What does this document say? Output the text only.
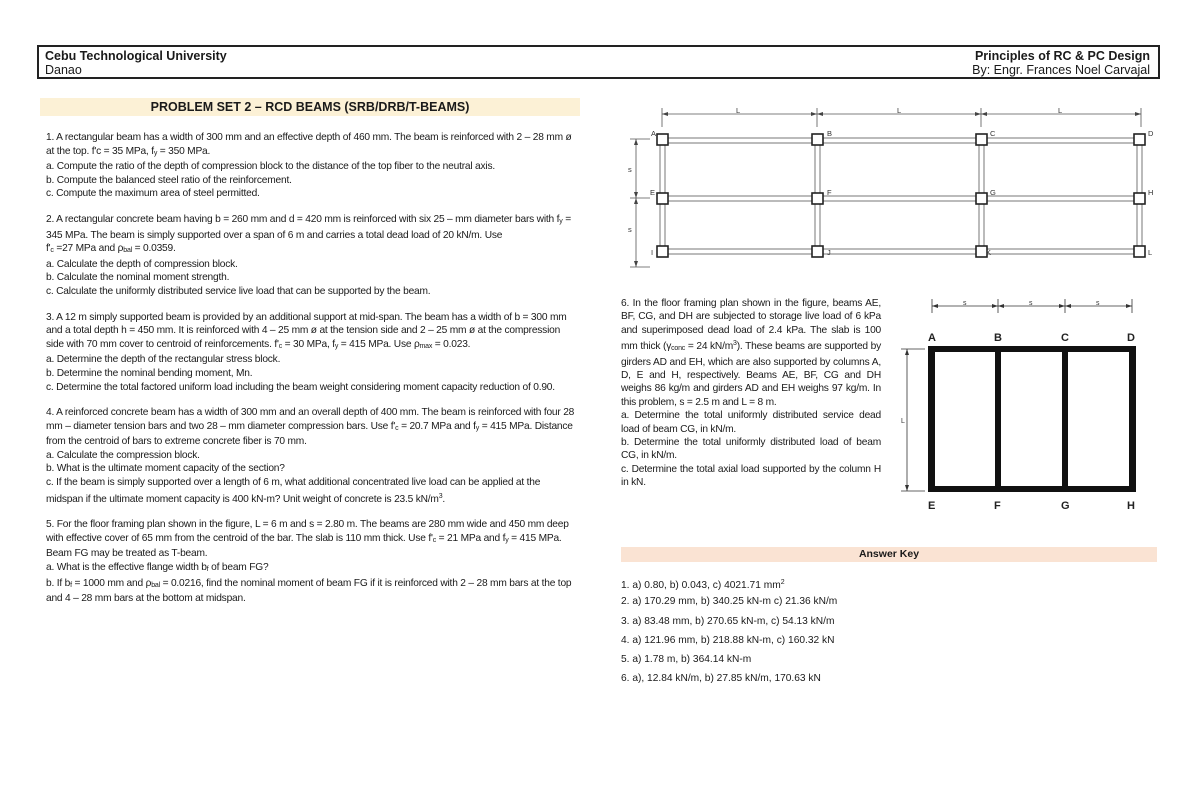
Cebu Technological University
Danao
Principles of RC & PC Design
By: Engr. Frances Noel Carvajal
PROBLEM SET 2 – RCD BEAMS (SRB/DRB/T-BEAMS)

1. A rectangular beam has a width of 300 mm and an effective depth of 460 mm. The beam is reinforced with 2 – 28 mm ø at the top. f'c = 35 MPa, fy = 350 MPa.

a. Compute the ratio of the depth of compression block to the distance of the top fiber to the neutral axis.

b. Compute the balanced steel ratio of the reinforcement.

c. Compute the maximum area of steel permitted.

2. A rectangular concrete beam having b = 260 mm and d = 420 mm is reinforced with six 25 – mm diameter bars with fy = 345 MPa. The beam is simply supported over a span of 6 m and carries a total dead load of 20 kN/m. Use

f'c =27 MPa and ρbal = 0.0359.

a. Calculate the depth of compression block.

b. Calculate the nominal moment strength.

c. Calculate the uniformly distributed service live load that can be supported by the beam.

3. A 12 m simply supported beam is provided by an additional support at mid-span. The beam has a width of b = 300 mm and a total depth h = 450 mm. It is reinforced with 4 – 25 mm ø at the tension side and 2 – 25 mm ø at the compression side with 70 mm cover to centroid of reinforcements. f'c = 30 MPa, fy = 415 MPa. Use ρmax = 0.023.

a. Determine the depth of the rectangular stress block.

b. Determine the nominal bending moment, Mn.

c. Determine the total factored uniform load including the beam weight considering moment capacity reduction of 0.90.

4. A reinforced concrete beam has a width of 300 mm and an overall depth of 400 mm. The beam is reinforced with four 28 mm – diameter tension bars and two 28 – mm diameter compression bars. Use f'c = 20.7 MPa and fy = 415 MPa. Distance from the centroid of bars to extreme concrete fiber is 70 mm.

a. Calculate the compression block.

b. What is the ultimate moment capacity of the section?

c. If the beam is simply supported over a length of 6 m, what additional concentrated live load can be applied at the midspan if the ultimate moment capacity is 400 kN-m? Unit weight of concrete is 23.5 $kN/m^3$.

5. For the floor framing plan shown in the figure, L = 6 m and s = 2.80 m. The beams are 280 mm wide and 450 mm deep with effective cover of 65 mm from the centroid of the bar. The slab is 110 mm thick. Use f'c = 21 MPa and fy = 415 MPa. Beam FG may be treated as T-beam.

a. What is the effective flange width bf of beam FG?

b. If bf = 1000 mm and ρbal = 0.0216, find the nominal moment of beam FG if it is reinforced with 2 – 28 mm bars at the top and 4 – 28 mm bars at the bottom at midspan.

L	L	L
s
s
A	B	C	D
E	F	G	H
I	J	K	L

6. In the floor framing plan shown in the figure, beams AE, BF, CG, and DH are subjected to storage live load of 6 kPa and superimposed dead load of 2.4 kPa. The slab is 100 mm thick (γconc = 24 $kN/m^3$). These beams are supported by girders AD and EH, which are also supported by columns A, D, E and H, respectively. Beams AE, BF, CG and DH weighs 86 kg/m and girders AD and EH weighs 97 kg/m. In this problem, s = 2.5 m and L = 8 m.

a. Determine the total uniformly distributed service dead load of beam CG, in kN/m.

b. Determine the total uniformly distributed load of beam CG, in kN/m.

c. Determine the total axial load supported by the column H in kN.

s	s	s
L
A	B	C	D
E	F	G	H
Answer Key
1. a) 0.80, b) 0.043, c) 4021.71 $mm^2$
2. a) 170.29 mm, b) 340.25 kN-m c) 21.36 kN/m
3. a) 83.48 mm, b) 270.65 kN-m, c) 54.13 kN/m
4. a) 121.96 mm, b) 218.88 kN-m, c) 160.32 kN
5. a) 1.78 m, b) 364.14 kN-m
6. a), 12.84 kN/m, b) 27.85 kN/m, 170.63 kN
